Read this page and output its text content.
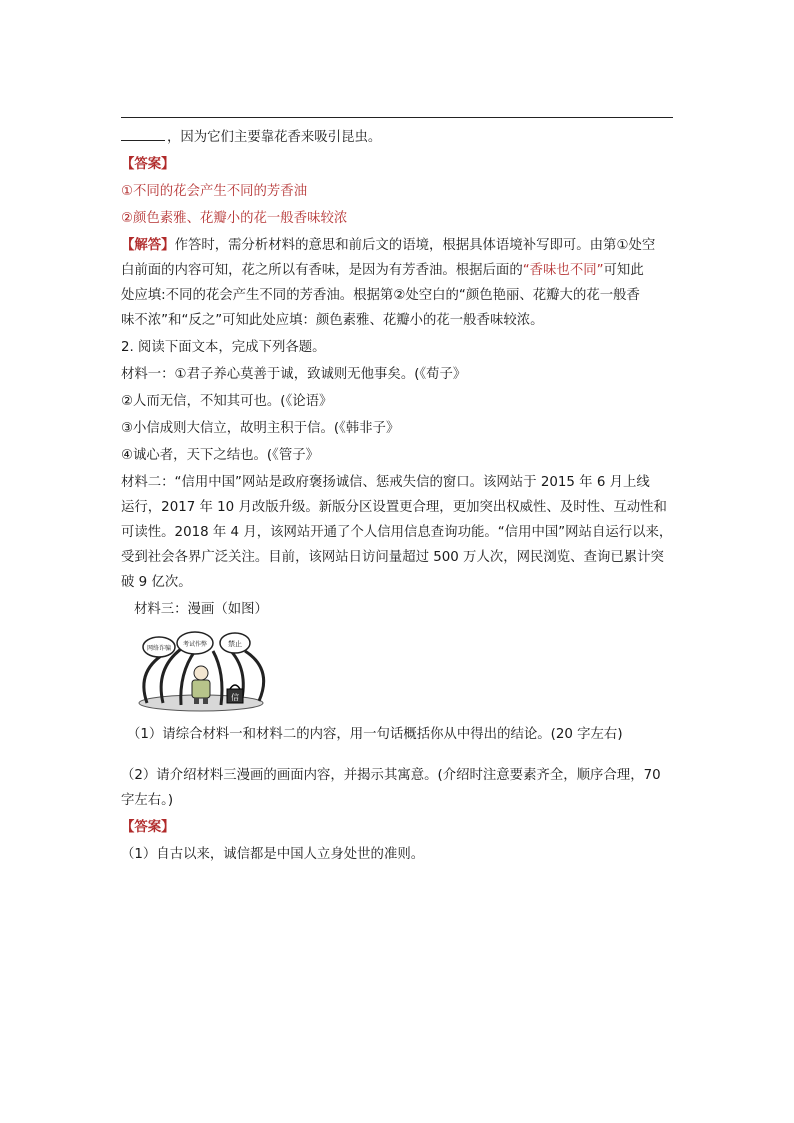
，因为它们主要靠花香来吸引昆虫。

【答案】

①不同的花会产生不同的芳香油

②颜色素雅、花瓣小的花一般香味较浓

【解答】作答时，需分析材料的意思和前后文的语境，根据具体语境补写即可。由第①处空
白前面的内容可知，花之所以有香味，是因为有芳香油。根据后面的“香味也不同”可知此
处应填:不同的花会产生不同的芳香油。根据第②处空白的“颜色艳丽、花瓣大的花一般香
味不浓”和“反之”可知此处应填：颜色素雅、花瓣小的花一般香味较浓。

2. 阅读下面文本，完成下列各题。

材料一：①君子养心莫善于诚，致诚则无他事矣。(《荀子》

②人而无信，不知其可也。(《论语》

③小信成则大信立，故明主积于信。(《韩非子》

④诚心者，天下之结也。(《管子》

材料二：“信用中国”网站是政府褒扬诚信、惩戒失信的窗口。该网站于 2015 年 6 月上线
运行，2017 年 10 月改版升级。新版分区设置更合理，更加突出权威性、及时性、互动性和
可读性。2018 年 4 月，该网站开通了个人信用信息查询功能。“信用中国”网站自运行以来，
受到社会各界广泛关注。目前，该网站日访问量超过 500 万人次，网民浏览、查询已累计突
破 9 亿次。

材料三：漫画（如图）

网络诈骗
考试作弊	禁止
信

（1）请综合材料一和材料二的内容，用一句话概括你从中得出的结论。(20 字左右)

（2）请介绍材料三漫画的画面内容，并揭示其寓意。(介绍时注意要素齐全，顺序合理，70
字左右。)

【答案】

（1）自古以来，诚信都是中国人立身处世的准则。
